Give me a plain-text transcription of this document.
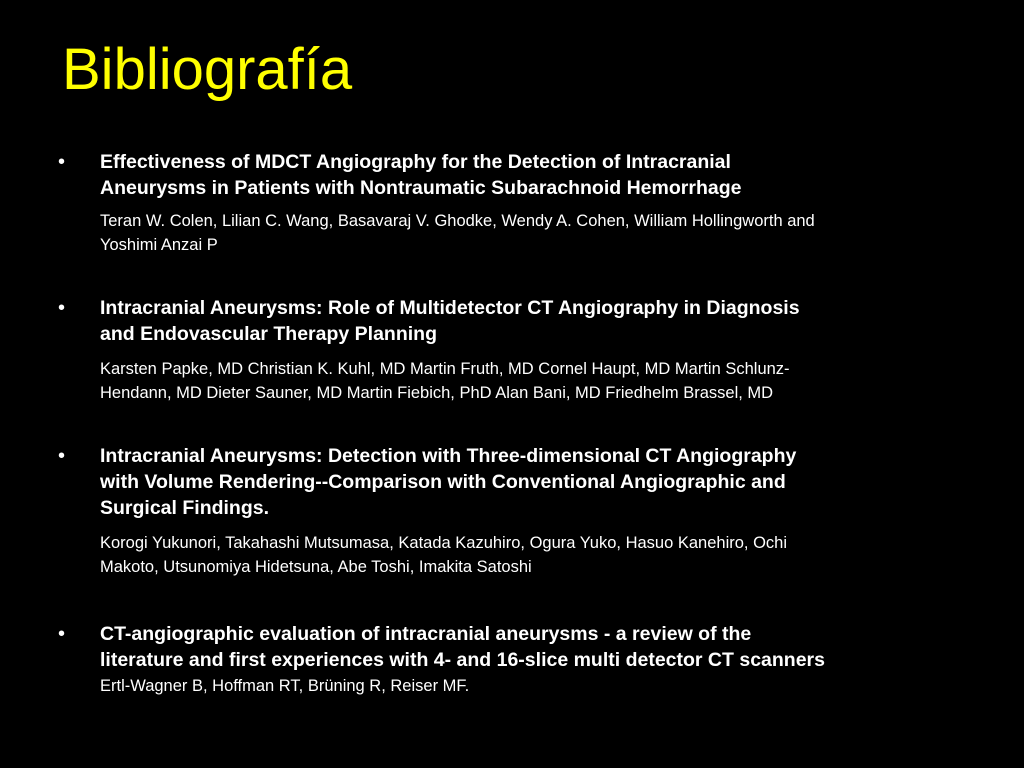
Bibliografía
• Effectiveness of MDCT Angiography for the Detection of Intracranial
Aneurysms in Patients with Nontraumatic Subarachnoid Hemorrhage
Teran W. Colen, Lilian C. Wang, Basavaraj V. Ghodke, Wendy A. Cohen, William Hollingworth and
Yoshimi Anzai P
• Intracranial Aneurysms: Role of Multidetector CT Angiography in Diagnosis
and Endovascular Therapy Planning
Karsten Papke, MD Christian K. Kuhl, MD Martin Fruth, MD Cornel Haupt, MD Martin Schlunz-
Hendann, MD Dieter Sauner, MD Martin Fiebich, PhD Alan Bani, MD Friedhelm Brassel, MD
• Intracranial Aneurysms: Detection with Three-dimensional CT Angiography
with Volume Rendering--Comparison with Conventional Angiographic and
Surgical Findings.
Korogi Yukunori, Takahashi Mutsumasa, Katada Kazuhiro, Ogura Yuko, Hasuo Kanehiro, Ochi
Makoto, Utsunomiya Hidetsuna, Abe Toshi, Imakita Satoshi
• CT-angiographic evaluation of intracranial aneurysms - a review of the
literature and first experiences with 4- and 16-slice multi detector CT scanners
Ertl-Wagner B, Hoffman RT, Brüning R, Reiser MF.
